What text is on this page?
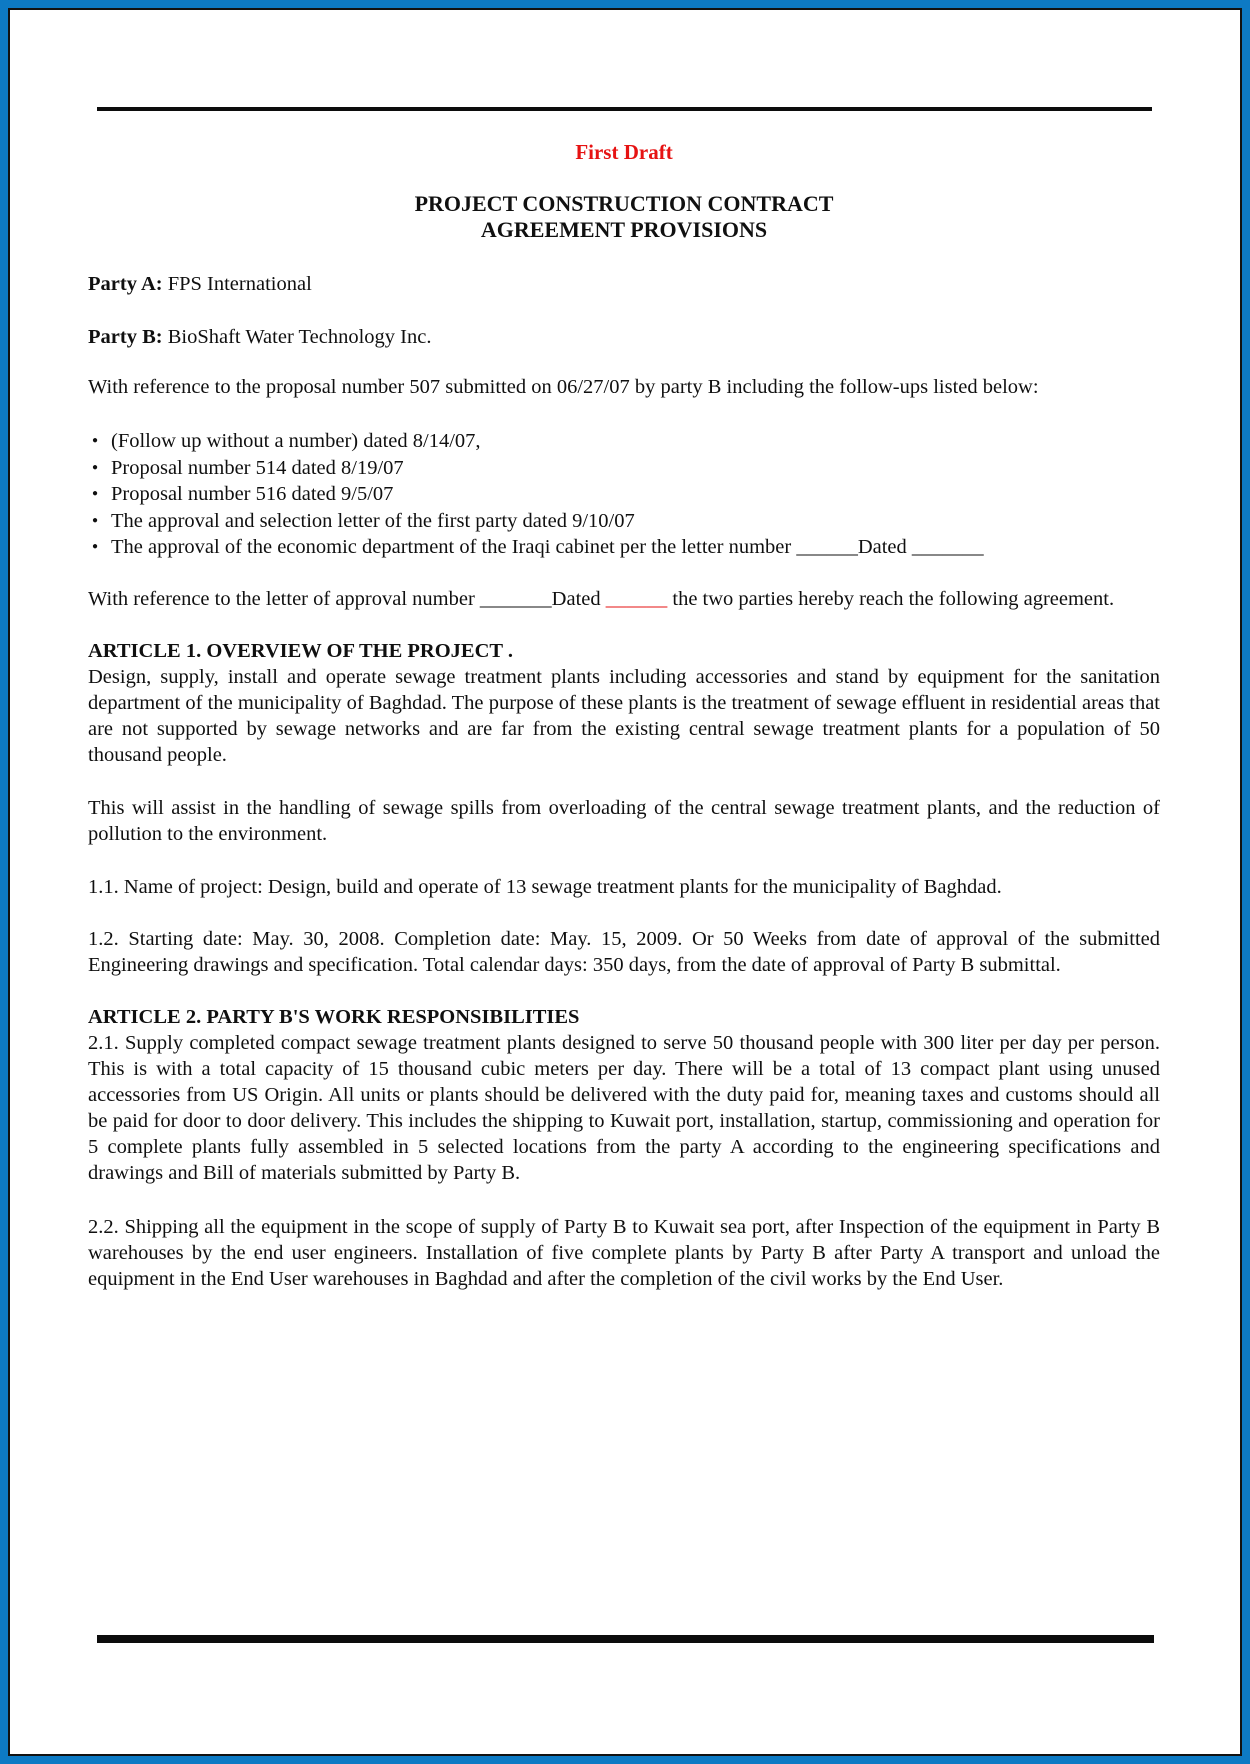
First Draft

PROJECT CONSTRUCTION CONTRACT
AGREEMENT PROVISIONS

Party A: FPS International

Party B: BioShaft Water Technology Inc.

With reference to the proposal number 507 submitted on 06/27/07 by party B including the follow-ups listed below:

● (Follow up without a number) dated 8/14/07,
● Proposal number 514 dated 8/19/07
● Proposal number 516 dated 9/5/07
● The approval and selection letter of the first party dated 9/10/07
● The approval of the economic department of the Iraqi cabinet per the letter number ______Dated _______

With reference to the letter of approval number _______Dated ______ the two parties hereby reach the following agreement.

ARTICLE 1. OVERVIEW OF THE PROJECT .

Design, supply, install and operate sewage treatment plants including accessories and stand by equipment for the sanitation department of the municipality of Baghdad. The purpose of these plants is the treatment of sewage effluent in residential areas that are not supported by sewage networks and are far from the existing central sewage treatment plants for a population of 50 thousand people.

This will assist in the handling of sewage spills from overloading of the central sewage treatment plants, and the reduction of pollution to the environment.

1.1. Name of project: Design, build and operate of 13 sewage treatment plants for the municipality of Baghdad.

1.2. Starting date: May. 30, 2008. Completion date: May. 15, 2009. Or 50 Weeks from date of approval of the submitted Engineering drawings and specification. Total calendar days: 350 days, from the date of approval of Party B submittal.

ARTICLE 2. PARTY B'S WORK RESPONSIBILITIES

2.1. Supply completed compact sewage treatment plants designed to serve 50 thousand people with 300 liter per day per person. This is with a total capacity of 15 thousand cubic meters per day. There will be a total of 13 compact plant using unused accessories from US Origin. All units or plants should be delivered with the duty paid for, meaning taxes and customs should all be paid for door to door delivery. This includes the shipping to Kuwait port, installation, startup, commissioning and operation for 5 complete plants fully assembled in 5 selected locations from the party A according to the engineering specifications and drawings and Bill of materials submitted by Party B.

2.2. Shipping all the equipment in the scope of supply of Party B to Kuwait sea port, after Inspection of the equipment in Party B warehouses by the end user engineers. Installation of five complete plants by Party B after Party A transport and unload the equipment in the End User warehouses in Baghdad and after the completion of the civil works by the End User.
